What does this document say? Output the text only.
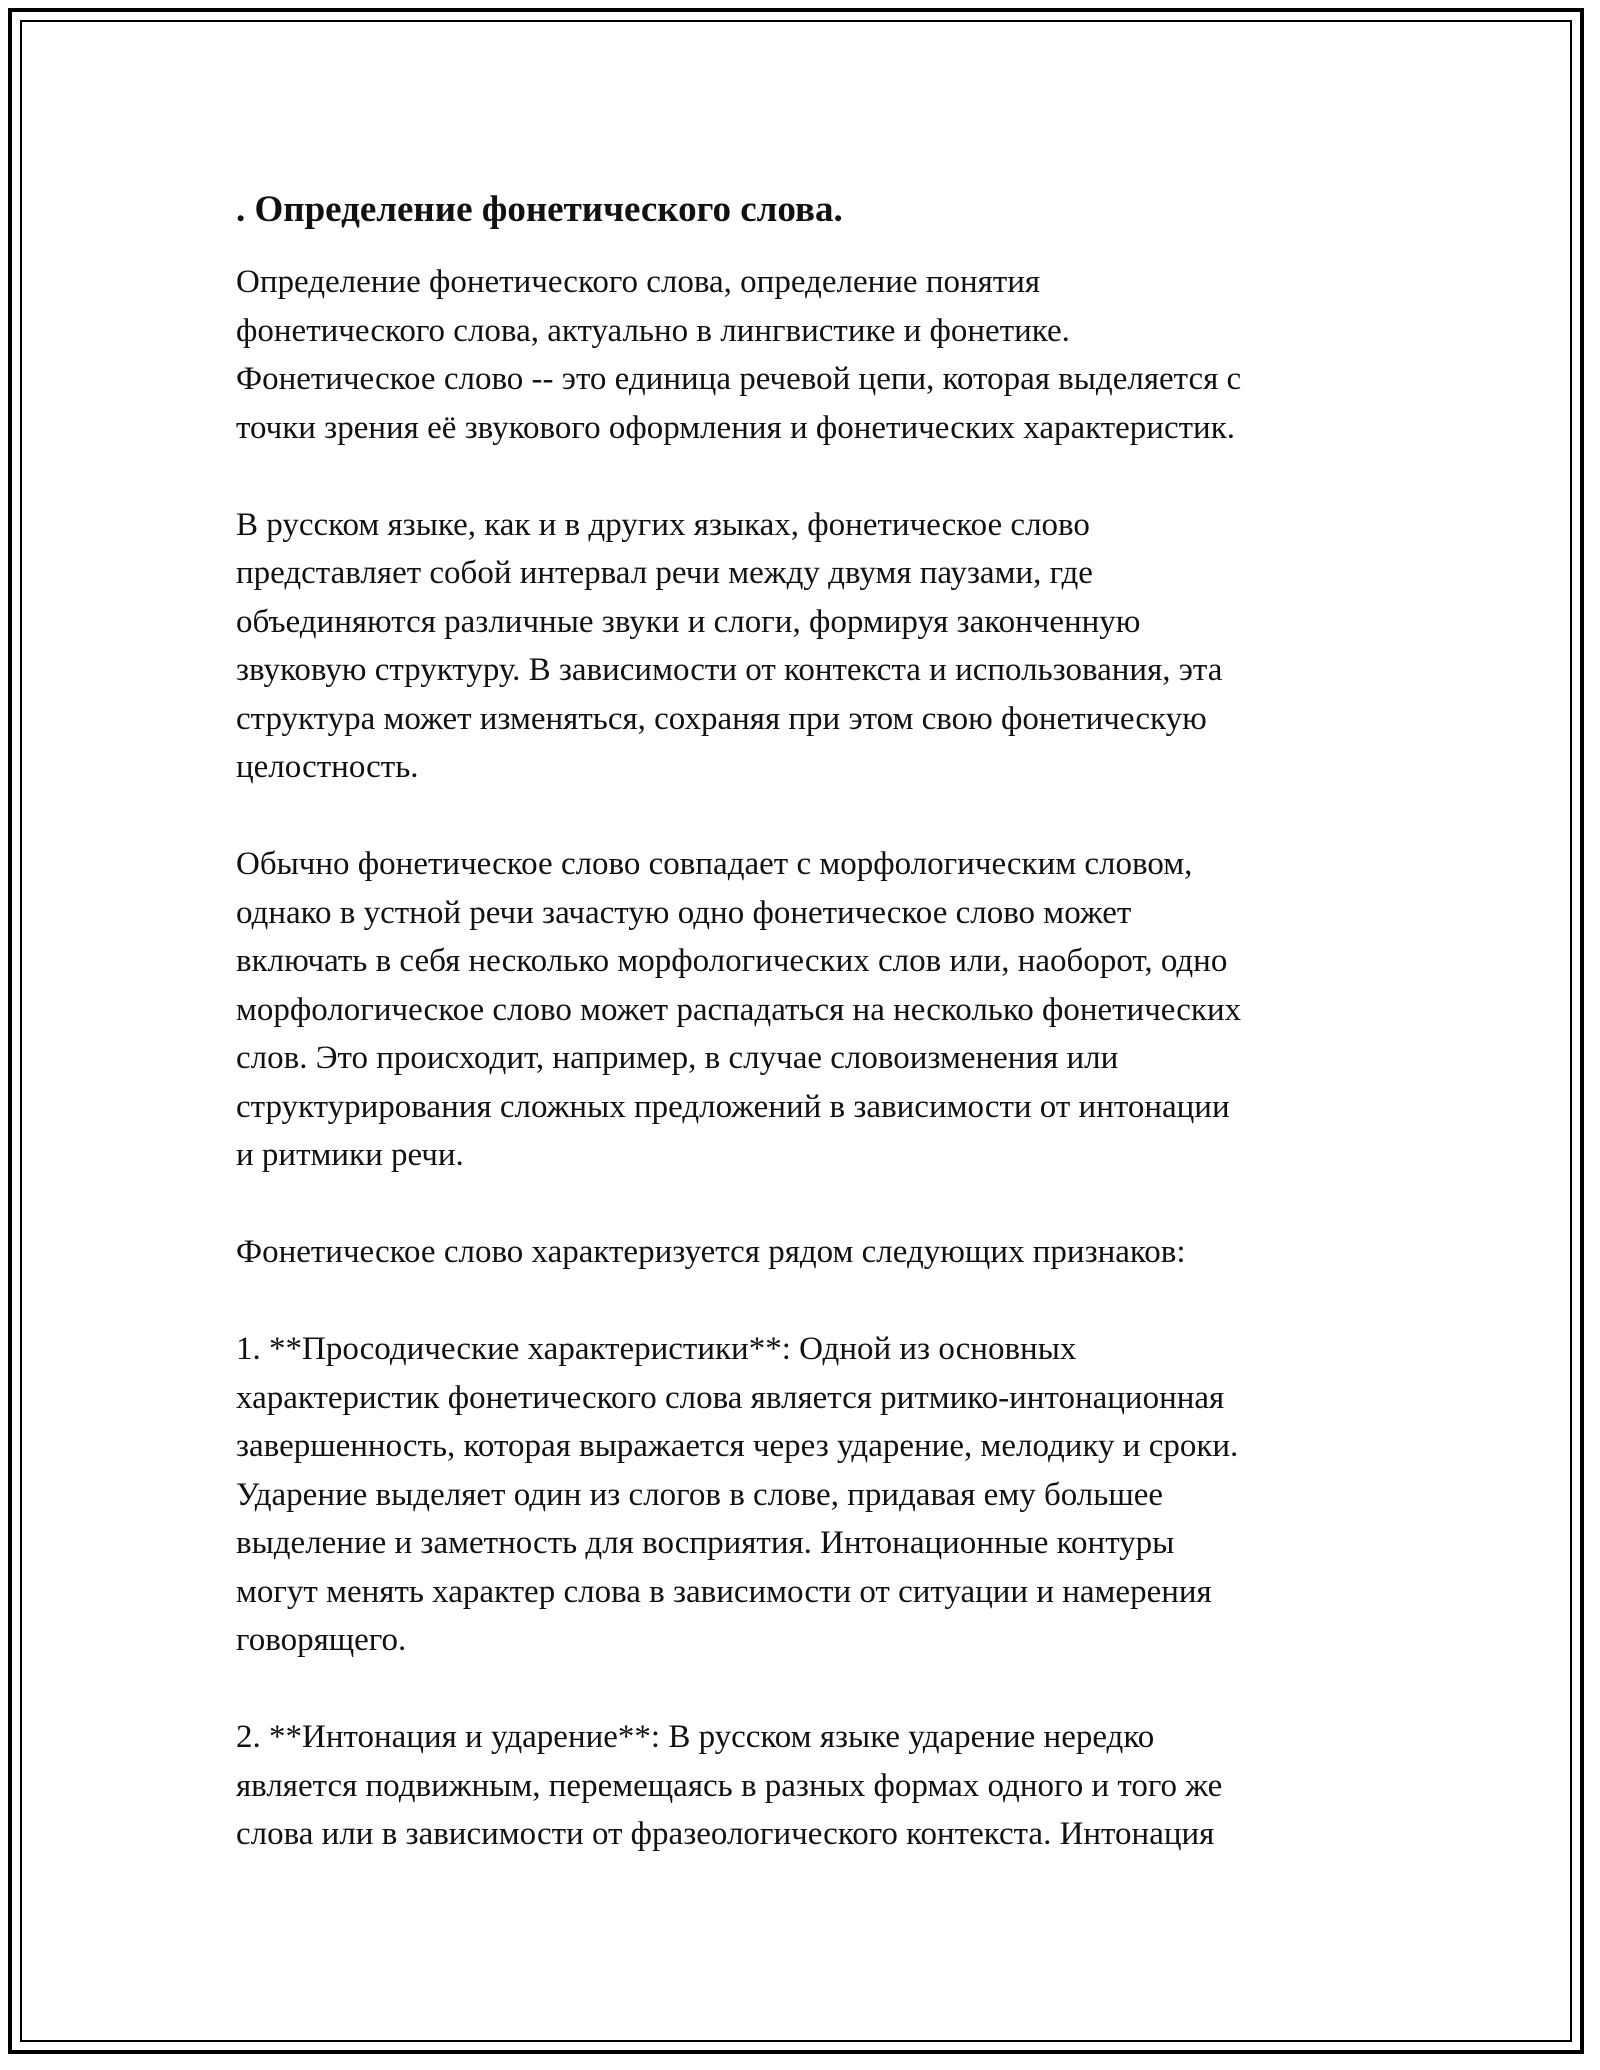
. Определение фонетического слова.

Определение фонетического слова, определение понятия
фонетического слова, актуально в лингвистике и фонетике.
Фонетическое слово -- это единица речевой цепи, которая выделяется с
точки зрения её звукового оформления и фонетических характеристик.

В русском языке, как и в других языках, фонетическое слово
представляет собой интервал речи между двумя паузами, где
объединяются различные звуки и слоги, формируя законченную
звуковую структуру. В зависимости от контекста и использования, эта
структура может изменяться, сохраняя при этом свою фонетическую
целостность.

Обычно фонетическое слово совпадает с морфологическим словом,
однако в устной речи зачастую одно фонетическое слово может
включать в себя несколько морфологических слов или, наоборот, одно
морфологическое слово может распадаться на несколько фонетических
слов. Это происходит, например, в случае словоизменения или
структурирования сложных предложений в зависимости от интонации
и ритмики речи.

Фонетическое слово характеризуется рядом следующих признаков:

1. **Просодические характеристики**: Одной из основных
характеристик фонетического слова является ритмико-интонационная
завершенность, которая выражается через ударение, мелодику и сроки.
Ударение выделяет один из слогов в слове, придавая ему большее
выделение и заметность для восприятия. Интонационные контуры
могут менять характер слова в зависимости от ситуации и намерения
говорящего.

2. **Интонация и ударение**: В русском языке ударение нередко
является подвижным, перемещаясь в разных формах одного и того же
слова или в зависимости от фразеологического контекста. Интонация
